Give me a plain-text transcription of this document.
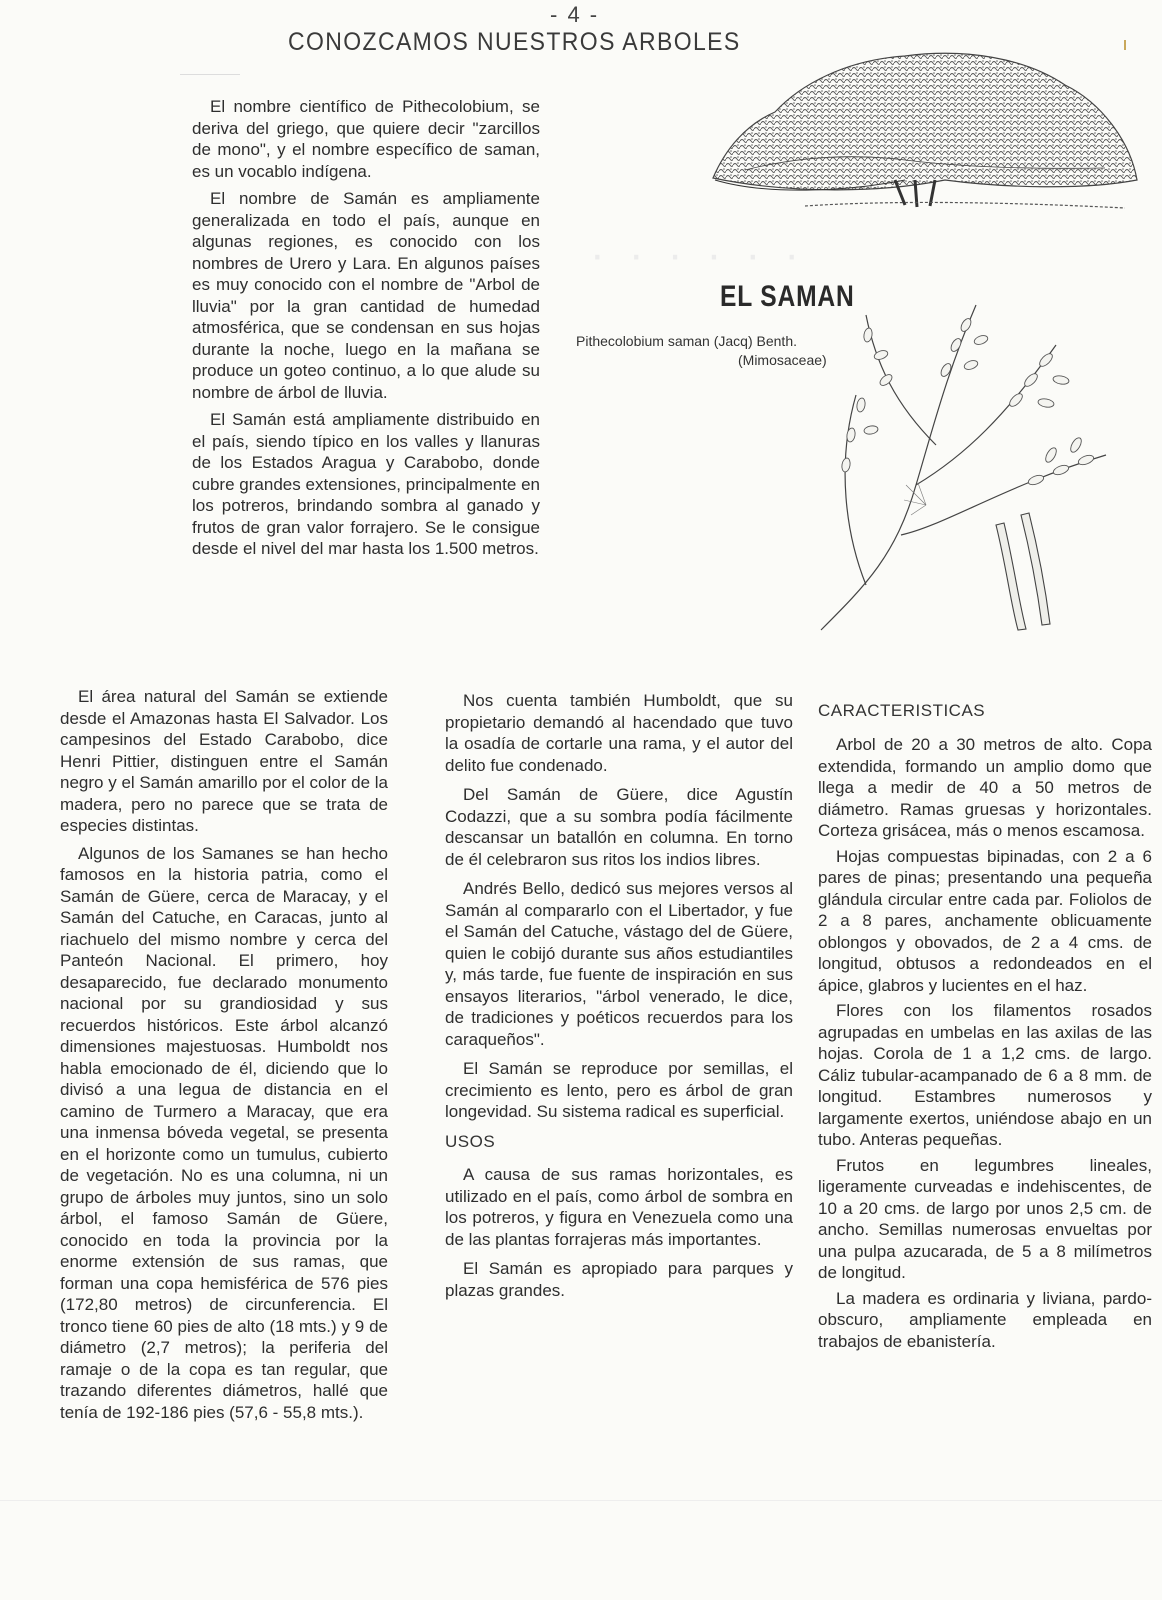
- 4 -
CONOZCAMOS NUESTROS ARBOLES
· · · · · ·
EL SAMAN
Pithecolobium saman (Jacq) Benth.
(Mimosaceae)

El nombre científico de Pithecolobium, se deriva del griego, que quiere decir "zarcillos de mono", y el nombre específico de saman, es un vocablo indígena.

El nombre de Samán es ampliamente generalizada en todo el país, aunque en algunas regiones, es conocido con los nombres de Urero y Lara. En algunos países es muy conocido con el nombre de "Arbol de lluvia" por la gran cantidad de humedad atmosférica, que se condensan en sus hojas durante la noche, luego en la mañana se produce un goteo continuo, a lo que alude su nombre de árbol de lluvia.

El Samán está ampliamente distribuido en el país, siendo típico en los valles y llanuras de los Estados Aragua y Carabobo, donde cubre grandes extensiones, principalmente en los potreros, brindando sombra al ganado y frutos de gran valor forrajero. Se le consigue desde el nivel del mar hasta los 1.500 metros.

El área natural del Samán se extiende desde el Amazonas hasta El Salvador. Los campesinos del Estado Carabobo, dice Henri Pittier, distinguen entre el Samán negro y el Samán amarillo por el color de la madera, pero no parece que se trata de especies distintas.

Algunos de los Samanes se han hecho famosos en la historia patria, como el Samán de Güere, cerca de Maracay, y el Samán del Catuche, en Caracas, junto al riachuelo del mismo nombre y cerca del Panteón Nacional. El primero, hoy desaparecido, fue declarado monumento nacional por su grandiosidad y sus recuerdos históricos. Este árbol alcanzó dimensiones majestuosas. Humboldt nos habla emocionado de él, diciendo que lo divisó a una legua de distancia en el camino de Turmero a Maracay, que era una inmensa bóveda vegetal, se presenta en el horizonte como un tumulus, cubierto de vegetación. No es una columna, ni un grupo de árboles muy juntos, sino un solo árbol, el famoso Samán de Güere, conocido en toda la provincia por la enorme extensión de sus ramas, que forman una copa hemisférica de 576 pies (172,80 metros) de circunferencia. El tronco tiene 60 pies de alto (18 mts.) y 9 de diámetro (2,7 metros); la periferia del ramaje o de la copa es tan regular, que trazando diferentes diámetros, hallé que tenía de 192-186 pies (57,6 - 55,8 mts.).

Nos cuenta también Humboldt, que su propietario demandó al hacendado que tuvo la osadía de cortarle una rama, y el autor del delito fue condenado.

Del Samán de Güere, dice Agustín Codazzi, que a su sombra podía fácilmente descansar un batallón en columna. En torno de él celebraron sus ritos los indios libres.

Andrés Bello, dedicó sus mejores versos al Samán al compararlo con el Libertador, y fue el Samán del Catuche, vástago del de Güere, quien le cobijó durante sus años estudiantiles y, más tarde, fue fuente de inspiración en sus ensayos literarios, "árbol venerado, le dice, de tradiciones y poéticos recuerdos para los caraqueños".

El Samán se reproduce por semillas, el crecimiento es lento, pero es árbol de gran longevidad. Su sistema radical es superficial.

USOS

A causa de sus ramas horizontales, es utilizado en el país, como árbol de sombra en los potreros, y figura en Venezuela como una de las plantas forrajeras más importantes.

El Samán es apropiado para parques y plazas grandes.

CARACTERISTICAS

Arbol de 20 a 30 metros de alto. Copa extendida, formando un amplio domo que llega a medir de 40 a 50 metros de diámetro. Ramas gruesas y horizontales. Corteza grisácea, más o menos escamosa.

Hojas compuestas bipinadas, con 2 a 6 pares de pinas; presentando una pequeña glándula circular entre cada par. Foliolos de 2 a 8 pares, anchamente oblicuamente oblongos y obovados, de 2 a 4 cms. de longitud, obtusos a redondeados en el ápice, glabros y lucientes en el haz.

Flores con los filamentos rosados agrupadas en umbelas en las axilas de las hojas. Corola de 1 a 1,2 cms. de largo. Cáliz tubular-acampanado de 6 a 8 mm. de longitud. Estambres numerosos y largamente exertos, uniéndose abajo en un tubo. Anteras pequeñas.

Frutos en legumbres lineales, ligeramente curveadas e indehiscentes, de 10 a 20 cms. de largo por unos 2,5 cm. de ancho. Semillas numerosas envueltas por una pulpa azucarada, de 5 a 8 milímetros de longitud.

La madera es ordinaria y liviana, pardo-obscuro, ampliamente empleada en trabajos de ebanistería.
